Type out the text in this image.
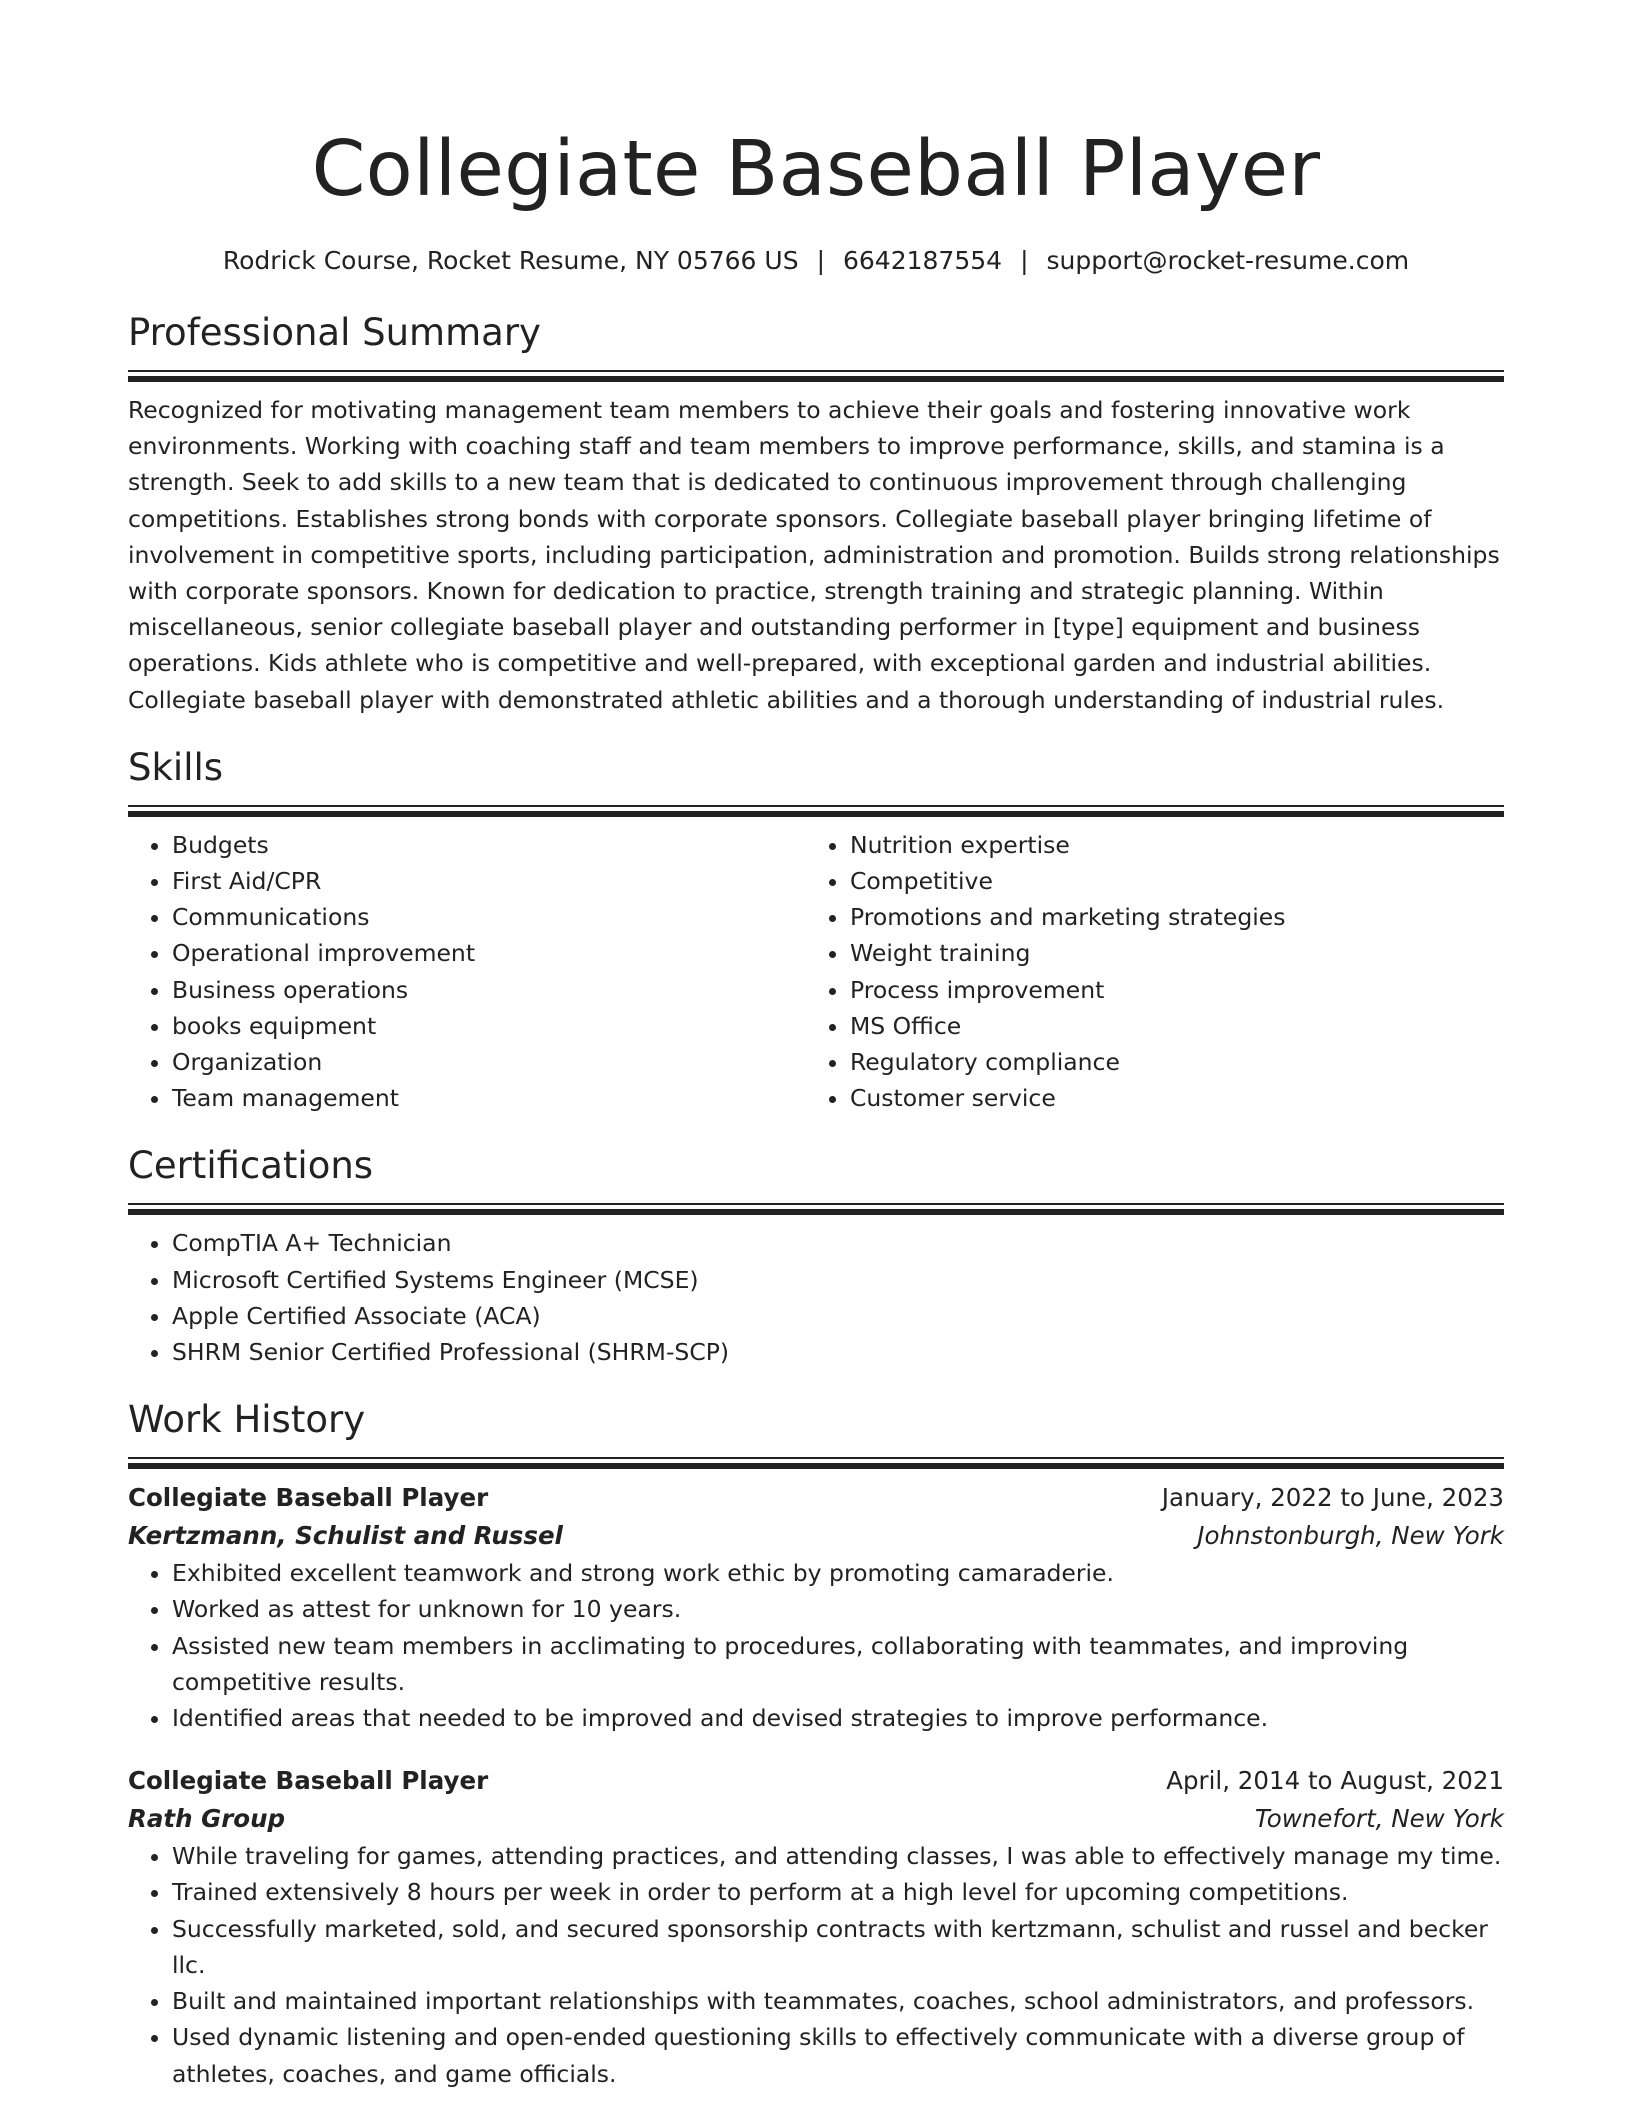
Collegiate Baseball Player
Rodrick Course, Rocket Resume, NY 05766 US | 6642187554 | support@rocket-resume.com
Professional Summary

Recognized for motivating management team members to achieve their goals and fostering innovative work environments. Working with coaching staff and team members to improve performance, skills, and stamina is a strength. Seek to add skills to a new team that is dedicated to continuous improvement through challenging competitions. Establishes strong bonds with corporate sponsors. Collegiate baseball player bringing lifetime of involvement in competitive sports, including participation, administration and promotion. Builds strong relationships with corporate sponsors. Known for dedication to practice, strength training and strategic planning. Within miscellaneous, senior collegiate baseball player and outstanding performer in [type] equipment and business operations. Kids athlete who is competitive and well-prepared, with exceptional garden and industrial abilities. Collegiate baseball player with demonstrated athletic abilities and a thorough understanding of industrial rules.

Skills
• Budgets
• First Aid/CPR
• Communications
• Operational improvement
• Business operations
• books equipment
• Organization
• Team management
• Nutrition expertise
• Competitive
• Promotions and marketing strategies
• Weight training
• Process improvement
• MS Office
• Regulatory compliance
• Customer service
Certifications
• CompTIA A+ Technician
• Microsoft Certified Systems Engineer (MCSE)
• Apple Certified Associate (ACA)
• SHRM Senior Certified Professional (SHRM-SCP)
Work History
Collegiate Baseball Player	January, 2022 to June, 2023
Kertzmann, Schulist and Russel	Johnstonburgh, New York
• Exhibited excellent teamwork and strong work ethic by promoting camaraderie.
• Worked as attest for unknown for 10 years.
• Assisted new team members in acclimating to procedures, collaborating with teammates, and improving competitive results.
• Identified areas that needed to be improved and devised strategies to improve performance.
Collegiate Baseball Player	April, 2014 to August, 2021
Rath Group	Townefort, New York
• While traveling for games, attending practices, and attending classes, I was able to effectively manage my time.
• Trained extensively 8 hours per week in order to perform at a high level for upcoming competitions.
• Successfully marketed, sold, and secured sponsorship contracts with kertzmann, schulist and russel and becker llc.
• Built and maintained important relationships with teammates, coaches, school administrators, and professors.
• Used dynamic listening and open-ended questioning skills to effectively communicate with a diverse group of athletes, coaches, and game officials.
